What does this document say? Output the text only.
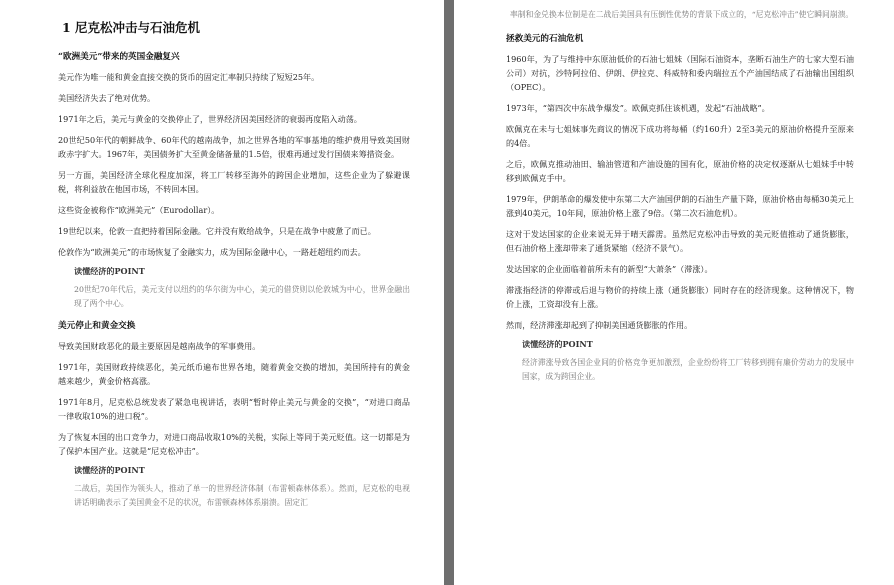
1 尼克松冲击与石油危机
“欧洲美元”带来的英国金融复兴

美元作为唯一能和黄金直接交换的货币的固定汇率制只持续了短短25年。

美国经济失去了绝对优势。

1971年之后，美元与黄金的交换停止了，世界经济因美国经济的衰弱再度陷入动荡。

20世纪50年代的朝鲜战争、60年代的越南战争，加之世界各地的军事基地的维护费用导致美国财政赤字扩大。1967年，美国债务扩大至黄金储备量的1.5倍，很难再通过发行国债来筹措资金。

另一方面，美国经济全球化程度加深，将工厂转移至海外的跨国企业增加，这些企业为了躲避课税，将利益放在他国市场，不转回本国。

这些资金被称作“欧洲美元”（Eurodollar）。

19世纪以来，伦敦一直把持着国际金融。它并没有败给战争，只是在战争中疲惫了而已。

伦敦作为“欧洲美元”的市场恢复了金融实力，成为国际金融中心，一路赶超纽约而去。

读懂经济的POINT
20世纪70年代后，美元支付以纽约的华尔街为中心，美元的借贷则以伦敦城为中心，世界金融出现了两个中心。
美元停止和黄金交换

导致美国财政恶化的最主要原因是越南战争的军事费用。

1971年，美国财政持续恶化，美元纸币遍布世界各地，随着黄金交换的增加，美国所持有的黄金越来越少，黄金价格高涨。

1971年8月，尼克松总统发表了紧急电视讲话，表明“暂时停止美元与黄金的交换”，“对进口商品一律收取10%的进口税”。

为了恢复本国的出口竞争力，对进口商品收取10%的关税，实际上等同于美元贬值。这一切都是为了保护本国产业。这就是“尼克松冲击”。

读懂经济的POINT
二战后，美国作为领头人，推动了单一的世界经济体制（布雷顿森林体系）。然而，尼克松的电视讲话明确表示了美国黄金不足的状况，布雷顿森林体系崩溃。固定汇
率制和金兑换本位制是在二战后美国具有压倒性优势的背景下成立的，“尼克松冲击”使它瞬间崩溃。
拯救美元的石油危机

1960年，为了与维持中东原油低价的石油七姐妹（国际石油资本，垄断石油生产的七家大型石油公司）对抗，沙特阿拉伯、伊朗、伊拉克、科威特和委内瑞拉五个产油国结成了石油输出国组织（OPEC）。

1973年，“第四次中东战争爆发”。欧佩克抓住该机遇，发起“石油战略”。

欧佩克在未与七姐妹事先商议的情况下成功将每桶（约160升）2至3美元的原油价格提升至原来的4倍。

之后，欧佩克推动油田、输油管道和产油设施的国有化，原油价格的决定权逐渐从七姐妹手中转移到欧佩克手中。

1979年，伊朗革命的爆发使中东第二大产油国伊朗的石油生产量下降，原油价格由每桶30美元上涨到40美元，10年间，原油价格上涨了9倍。（第二次石油危机）。

这对于发达国家的企业来说无异于晴天霹雳。虽然尼克松冲击导致的美元贬值推动了通货膨胀，但石油价格上涨却带来了通货紧缩（经济不景气）。

发达国家的企业面临着前所未有的新型“大萧条”（滞涨）。

滞涨指经济的停滞或后退与物价的持续上涨（通货膨胀）同时存在的经济现象。这种情况下，物价上涨，工资却没有上涨。

然而，经济滞涨却起到了抑制美国通货膨胀的作用。

读懂经济的POINT
经济滞涨导致各国企业间的价格竞争更加激烈，企业纷纷将工厂转移到拥有廉价劳动力的发展中国家，成为跨国企业。
